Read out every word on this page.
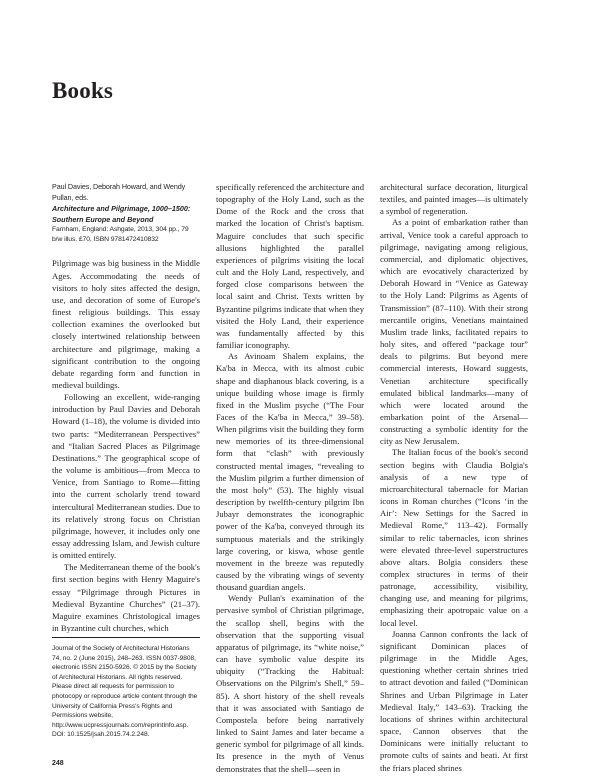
Books

Paul Davies, Deborah Howard, and Wendy Pullan, eds.

Architecture and Pilgrimage, 1000–1500: Southern Europe and Beyond

Farnham, England: Ashgate, 2013, 304 pp., 79 b/w illus. £70, ISBN 9781472410832

Pilgrimage was big business in the Middle Ages. Accommodating the needs of visitors to holy sites affected the design, use, and decoration of some of Europe's finest religious buildings. This essay collection examines the overlooked but closely intertwined relationship between architecture and pilgrimage, making a significant contribution to the ongoing debate regarding form and function in medieval buildings.

Following an excellent, wide-ranging introduction by Paul Davies and Deborah Howard (1–18), the volume is divided into two parts: “Mediterranean Perspectives” and “Italian Sacred Places as Pilgrimage Destinations.” The geographical scope of the volume is ambitious—from Mecca to Venice, from Santiago to Rome—fitting into the current scholarly trend toward intercultural Mediterranean studies. Due to its relatively strong focus on Christian pilgrimage, however, it includes only one essay addressing Islam, and Jewish culture is omitted entirely.

The Mediterranean theme of the book's first section begins with Henry Maguire's essay “Pilgrimage through Pictures in Medieval Byzantine Churches” (21–37). Maguire examines Christological images in Byzantine cult churches, which

specifically referenced the architecture and topography of the Holy Land, such as the Dome of the Rock and the cross that marked the location of Christ's baptism. Maguire concludes that such specific allusions highlighted the parallel experiences of pilgrims visiting the local cult and the Holy Land, respectively, and forged close comparisons between the local saint and Christ. Texts written by Byzantine pilgrims indicate that when they visited the Holy Land, their experience was fundamentally affected by this familiar iconography.

As Avinoam Shalem explains, the Ka'ba in Mecca, with its almost cubic shape and diaphanous black covering, is a unique building whose image is firmly fixed in the Muslim psyche (“The Four Faces of the Ka'ba in Mecca,” 39–58). When pilgrims visit the building they form new memories of its three-dimensional form that “clash” with previously constructed mental images, “revealing to the Muslim pilgrim a further dimension of the most holy” (53). The highly visual description by twelfth-century pilgrim Ibn Jubayr demonstrates the iconographic power of the Ka'ba, conveyed through its sumptuous materials and the strikingly large covering, or kiswa, whose gentle movement in the breeze was reputedly caused by the vibrating wings of seventy thousand guardian angels.

Wendy Pullan's examination of the pervasive symbol of Christian pilgrimage, the scallop shell, begins with the observation that the supporting visual apparatus of pilgrimage, its “white noise,” can have symbolic value despite its ubiquity (“Tracking the Habitual: Observations on the Pilgrim's Shell,” 59–85). A short history of the shell reveals that it was associated with Santiago de Compostela before being narratively linked to Saint James and later became a generic symbol for pilgrimage of all kinds. Its presence in the myth of Venus demonstrates that the shell—seen in

architectural surface decoration, liturgical textiles, and painted images—is ultimately a symbol of regeneration.

As a point of embarkation rather than arrival, Venice took a careful approach to pilgrimage, navigating among religious, commercial, and diplomatic objectives, which are evocatively characterized by Deborah Howard in “Venice as Gateway to the Holy Land: Pilgrims as Agents of Transmission” (87–110). With their strong mercantile origins, Venetians maintained Muslim trade links, facilitated repairs to holy sites, and offered “package tour” deals to pilgrims. But beyond mere commercial interests, Howard suggests, Venetian architecture specifically emulated biblical landmarks—many of which were located around the embarkation point of the Arsenal—constructing a symbolic identity for the city as New Jerusalem.

The Italian focus of the book's second section begins with Claudia Bolgia's analysis of a new type of microarchitectural tabernacle for Marian icons in Roman churches (“Icons ‘in the Air’: New Settings for the Sacred in Medieval Rome,” 113–42). Formally similar to relic tabernacles, icon shrines were elevated three-level superstructures above altars. Bolgia considers these complex structures in terms of their patronage, accessibility, visibility, changing use, and meaning for pilgrims, emphasizing their apotropaic value on a local level.

Joanna Cannon confronts the lack of significant Dominican places of pilgrimage in the Middle Ages, questioning whether certain shrines tried to attract devotion and failed (“Dominican Shrines and Urban Pilgrimage in Later Medieval Italy,” 143–63). Tracking the locations of shrines within architectural space, Cannon observes that the Dominicans were initially reluctant to promote cults of saints and beati. At first the friars placed shrines

Journal of the Society of Architectural Historians 74, no. 2 (June 2015), 248–263. ISSN 0037-9808, electronic ISSN 2150-5926. © 2015 by the Society of Architectural Historians. All rights reserved. Please direct all requests for permission to photocopy or reproduce article content through the University of California Press's Rights and Permissions website, http://www.ucpressjournals.com/reprintInfo.asp. DOI: 10.1525/jsah.2015.74.2.248.
248
